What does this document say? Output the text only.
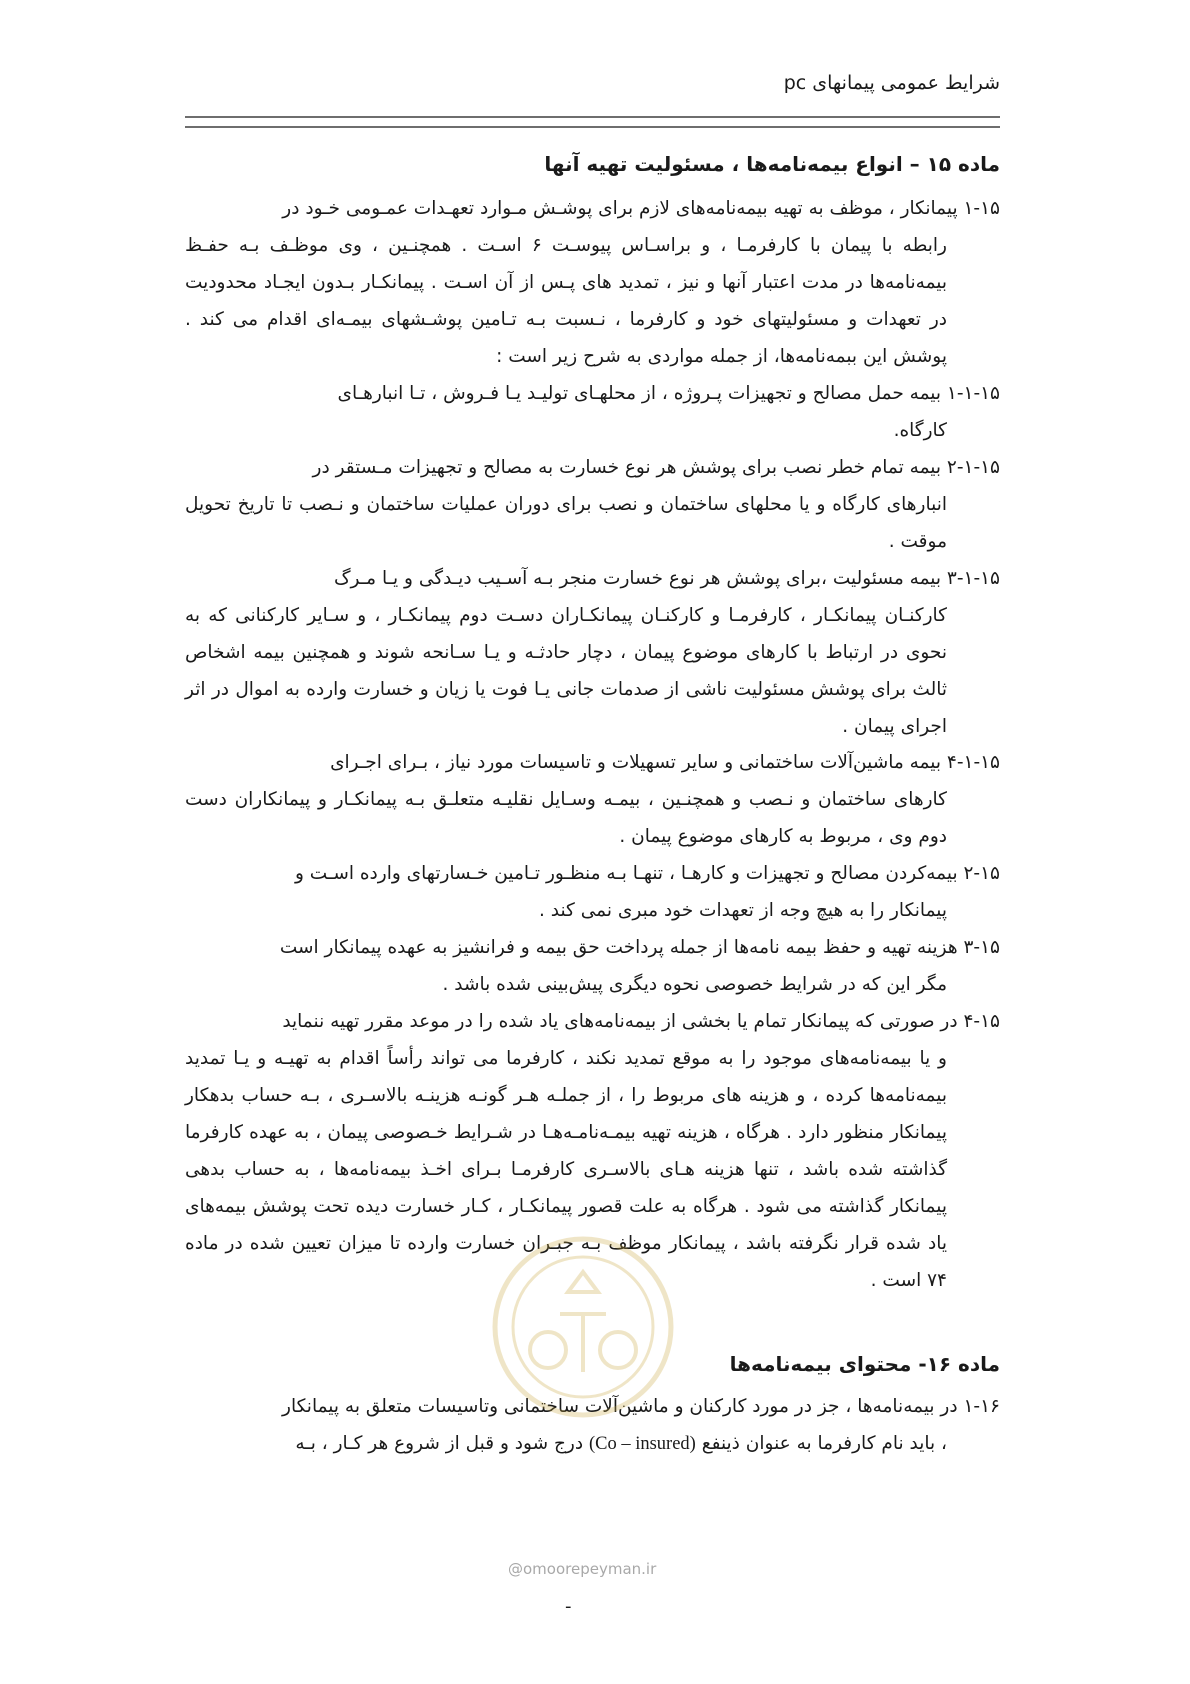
شرایط عمومی پیمانهای pc
ماده ۱۵ – انواع بیمه‌نامه‌ها ، مسئولیت تهیه آنها
۱-۱۵ پیمانکار ، موظف به تهیه بیمه‌نامه‌های لازم برای پوشـش مـوارد تعهـدات عمـومی خـود در
رابطه با پیمان با کارفرمـا ، و براسـاس پیوسـت ۶ اسـت . همچنـین ، وی موظـف بـه حفـظ بیمه‌نامه‌ها در مدت اعتبار آنها و نیز ، تمدید های پـس از آن اسـت . پیمانکـار بـدون ایجـاد محدودیت در تعهدات و مسئولیتهای خود و کارفرما ، نـسبت بـه تـامین پوشـشهای بیمـه‌ای اقدام می کند . پوشش این ببمه‌نامه‌ها، از جمله مواردی به شرح زیر است :
۱-۱-۱۵ بیمه حمل مصالح و تجهیزات پـروژه ، از محلهـای تولیـد یـا فـروش ، تـا انبارهـای
کارگاه.
۲-۱-۱۵ بیمه تمام خطر نصب برای پوشش هر نوع خسارت به مصالح و تجهیزات مـستقر در
انبارهای کارگاه و یا محلهای ساختمان و نصب برای دوران عملیات ساختمان و نـصب تا تاریخ تحویل موقت .
۳-۱-۱۵ بیمه مسئولیت ،برای پوشش هر نوع خسارت منجر بـه آسـیب دیـدگی و یـا مـرگ
کارکنـان پیمانکـار ، کارفرمـا و کارکنـان پیمانکـاران دسـت دوم پیمانکـار ، و سـایر کارکنانی که به نحوی در ارتباط با کارهای موضوع پیمان ، دچار حادثـه و یـا سـانحه شوند و همچنین بیمه اشخاص ثالث برای پوشش مسئولیت ناشی از صدمات جانی یـا فوت یا زیان و خسارت وارده به اموال در اثر اجرای پیمان .
۴-۱-۱۵ بیمه ماشین‌آلات ساختمانی و سایر تسهیلات و تاسیسات مورد نیاز ، بـرای اجـرای
کارهای ساختمان و نـصب و همچنـین ، بیمـه وسـایل نقلیـه متعلـق بـه پیمانکـار و پیمانکاران دست دوم وی ، مربوط به کارهای موضوع پیمان .
۲-۱۵ بیمه‌کردن مصالح و تجهیزات و کارهـا ، تنهـا بـه منظـور تـامین خـسارتهای وارده اسـت و
پیمانکار را به هیچ وجه از تعهدات خود مبری نمی کند .
۳-۱۵ هزینه تهیه و حفظ بیمه نامه‌ها از جمله پرداخت حق بیمه و فرانشیز به عهده پیمانکار است
مگر این که در شرایط خصوصی نحوه دیگری پیش‌بینی شده باشد .
۴-۱۵ در صورتی که پیمانکار تمام یا بخشی از بیمه‌نامه‌های یاد شده را در موعد مقرر تهیه ننماید
و یا بیمه‌نامه‌های موجود را به موقع تمدید نکند ، کارفرما می تواند رأساً اقدام به تهیـه و یـا تمدید بیمه‌نامه‌ها کرده ، و هزینه های مربوط را ، از جملـه هـر گونـه هزینـه بالاسـری ، بـه حساب بدهکار پیمانکار منظور دارد . هرگاه ، هزینه تهیه بیمـه‌نامـه‌هـا در شـرایط خـصوصی پیمان ، به عهده کارفرما گذاشته شده باشد ، تنها هزینه هـای بالاسـری کارفرمـا بـرای اخـذ بیمه‌نامه‌ها ، به حساب بدهی پیمانکار گذاشته می شود . هرگاه به علت قصور پیمانکـار ، کـار خسارت دیده تحت پوشش بیمه‌های یاد شده قرار نگرفته باشد ، پیمانکار موظف بـه جبـران خسارت وارده تا میزان تعیین شده در ماده ۷۴ است .
ماده ۱۶- محتوای بیمه‌نامه‌ها
۱-۱۶ در بیمه‌نامه‌ها ، جز در مورد کارکنان و ماشین‌آلات ساختمانی وتاسیسات متعلق به پیمانکار
، باید نام کارفرما به عنوان ذینفع (Co – insured) درج شود و قبل از شروع هر کـار ، بـه
@omoorepeyman.ir
-
